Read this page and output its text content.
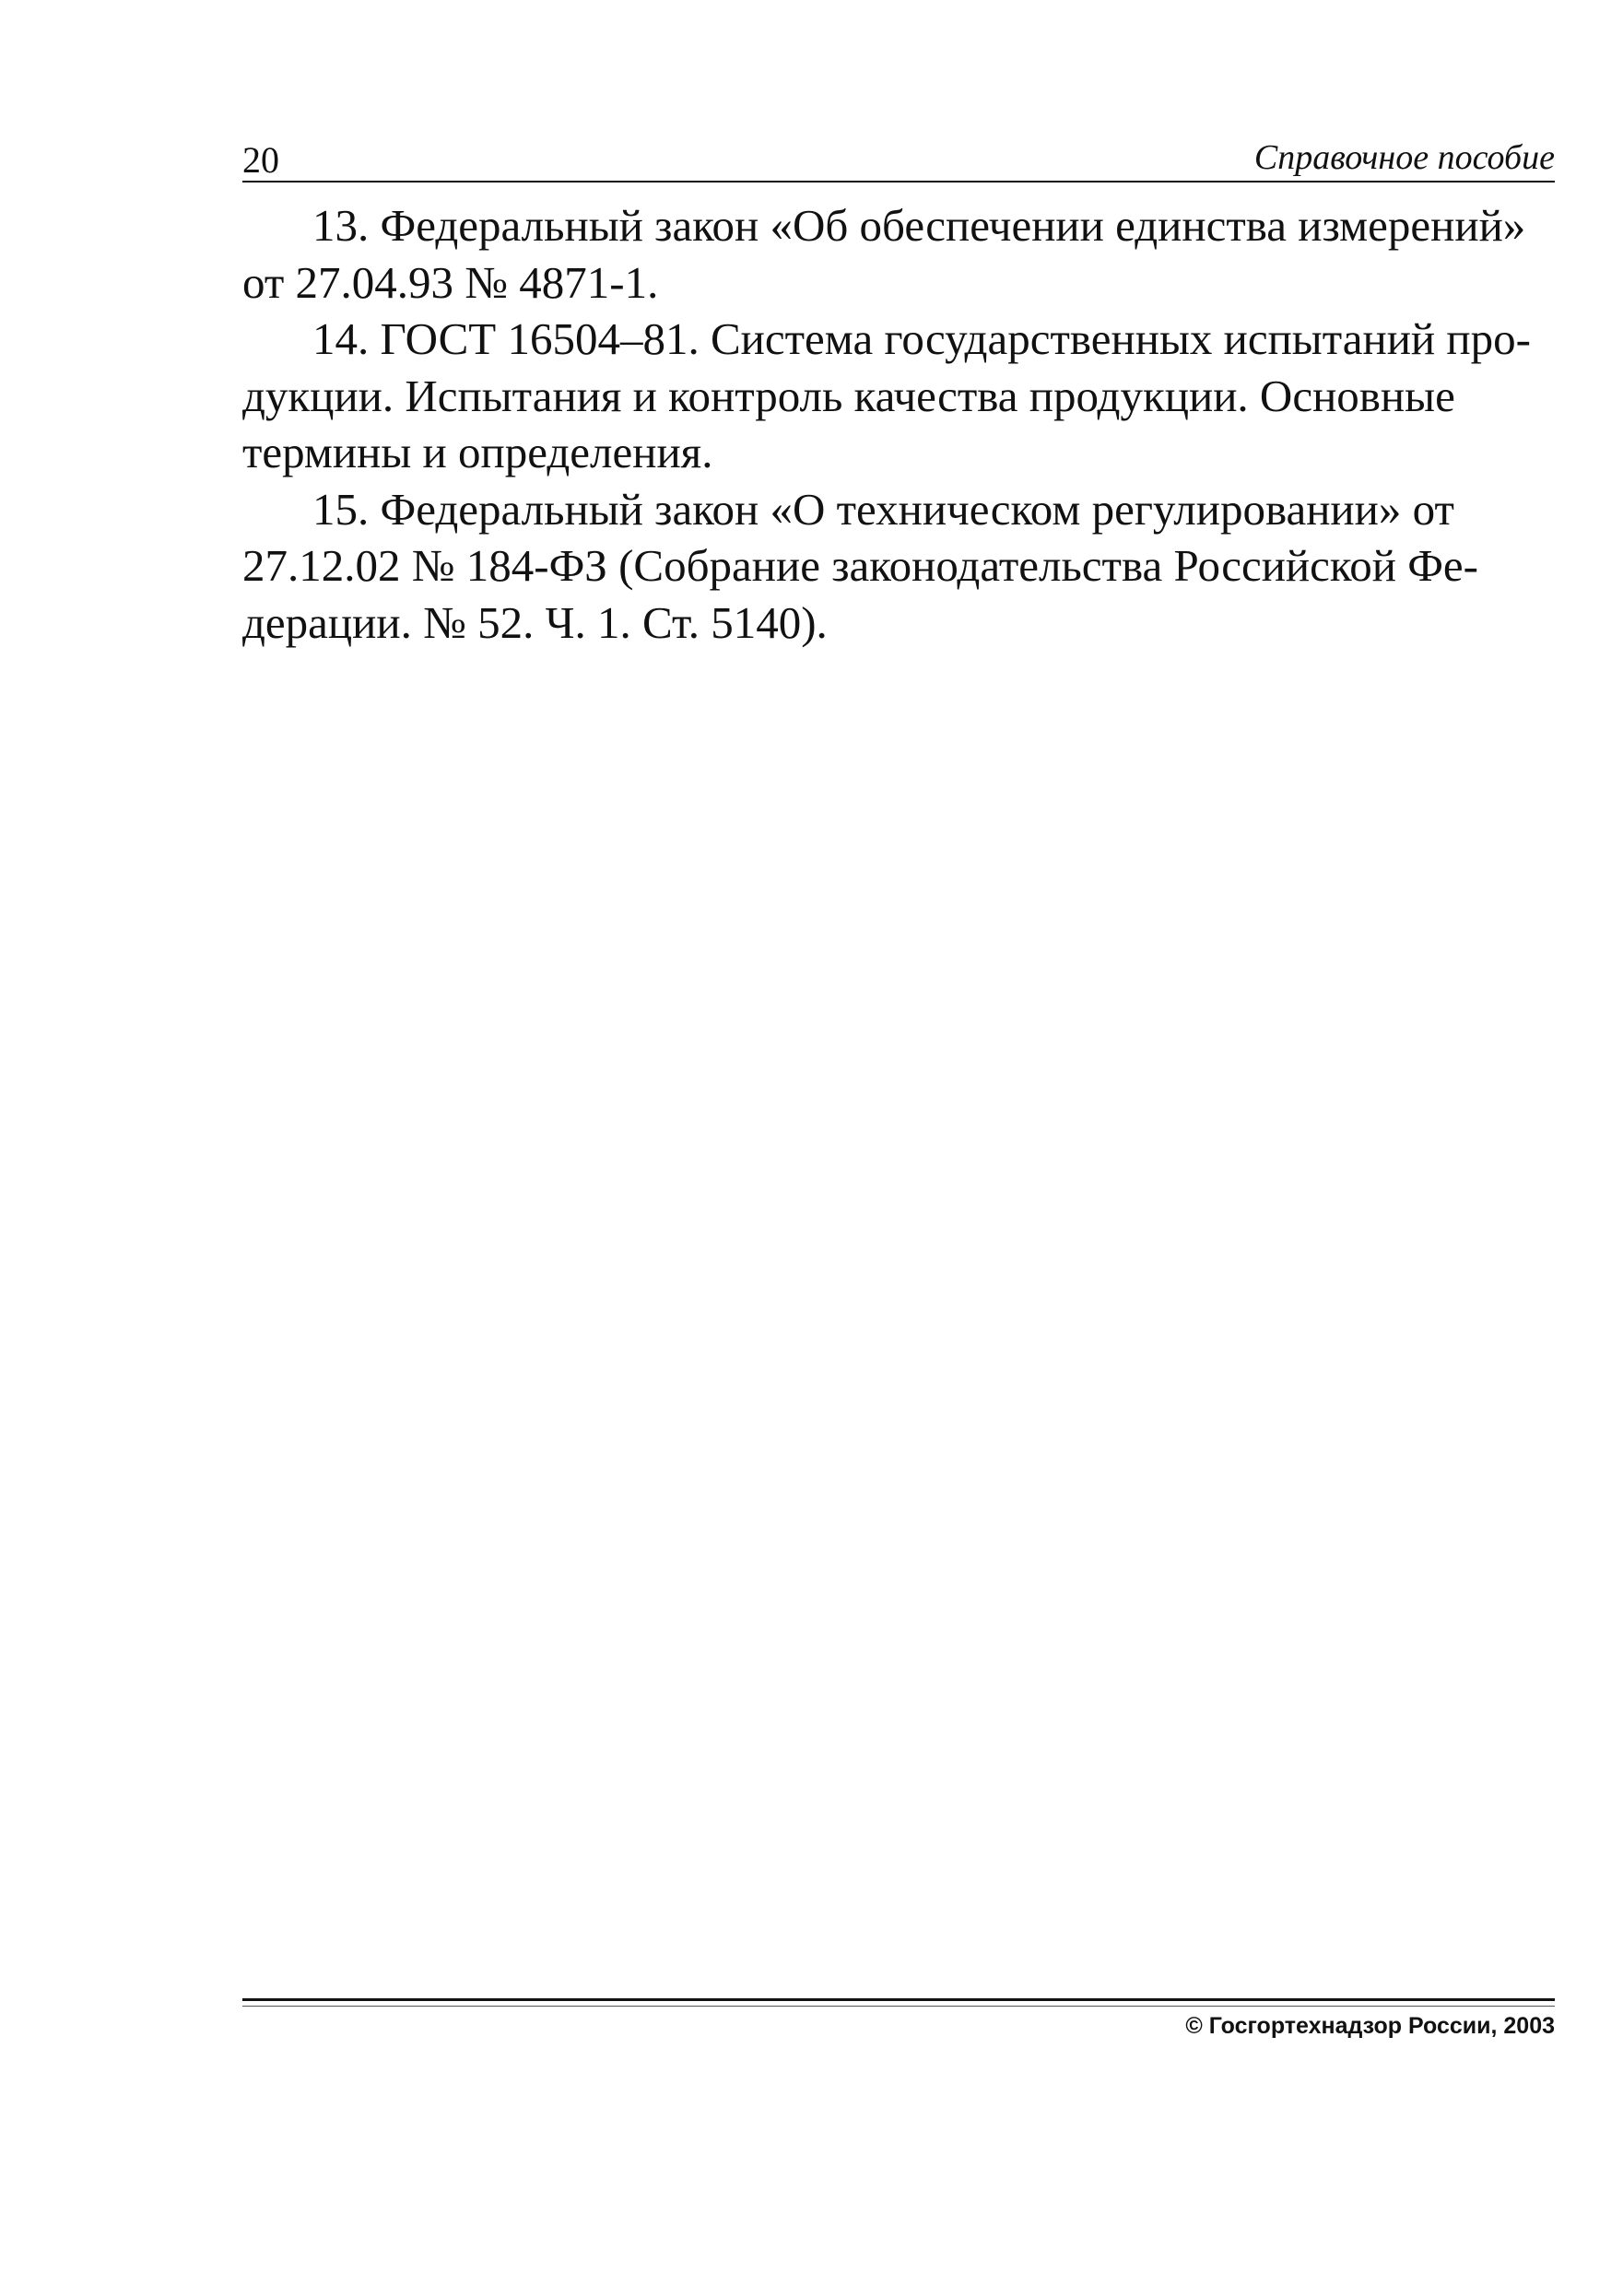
20	Справочное пособие

13. Федеральный закон «Об обеспечении единства измерений»
от 27.04.93 № 4871-1.

14. ГОСТ 16504–81. Система государственных испытаний про-
дукции. Испытания и контроль качества продукции. Основные
термины и определения.

15. Федеральный закон «О техническом регулировании» от
27.12.02 № 184-ФЗ (Собрание законодательства Российской Фе-
дерации. № 52. Ч. 1. Ст. 5140).

© Госгортехнадзор России, 2003
